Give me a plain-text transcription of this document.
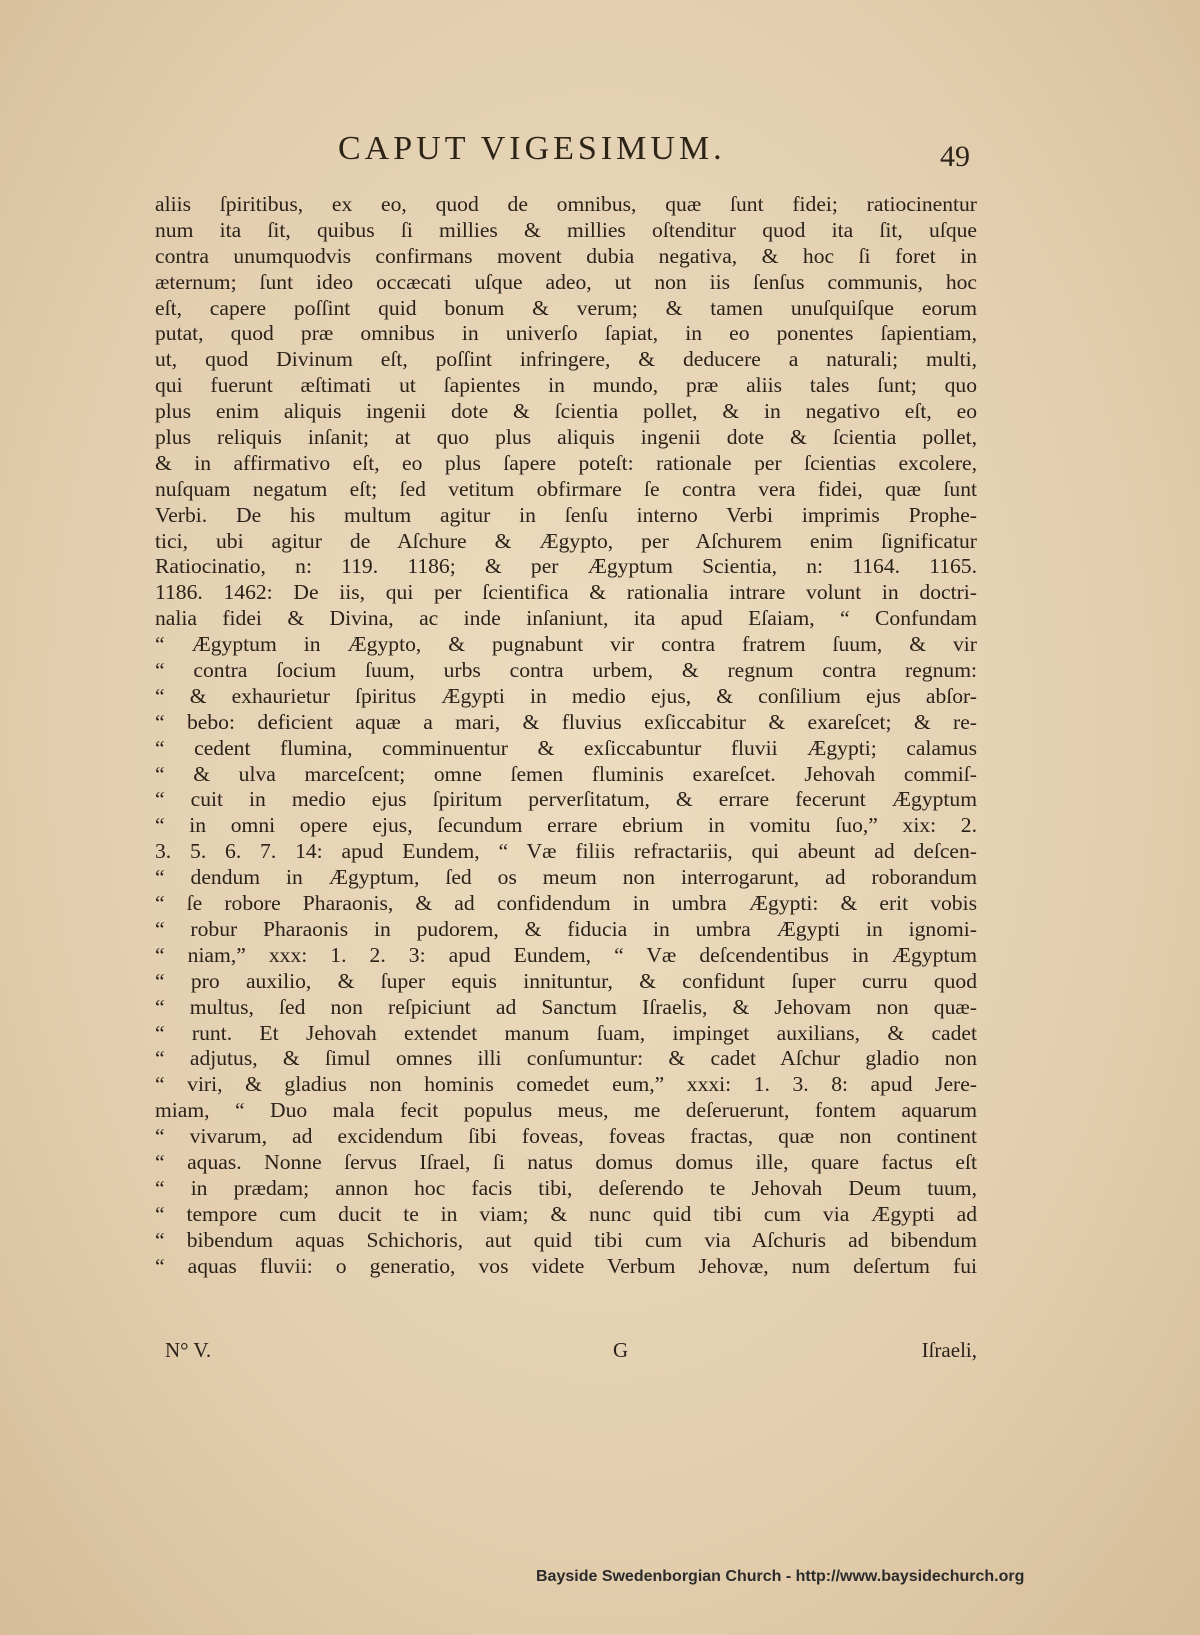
CAPUT VIGESIMUM.	49
aliis ſpiritibus, ex eo, quod de omnibus, quæ ſunt fidei; ratiocinentur
num ita ſit, quibus ſi millies & millies oſtenditur quod ita ſit, uſque
contra unumquodvis confirmans movent dubia negativa, & hoc ſi foret in
æternum; ſunt ideo occæcati uſque adeo, ut non iis ſenſus communis, hoc
eſt, capere poſſint quid bonum & verum; & tamen unuſquiſque eorum
putat, quod præ omnibus in univerſo ſapiat, in eo ponentes ſapientiam,
ut, quod Divinum eſt, poſſint infringere, & deducere a naturali; multi,
qui fuerunt æſtimati ut ſapientes in mundo, præ aliis tales ſunt; quo
plus enim aliquis ingenii dote & ſcientia pollet, & in negativo eſt, eo
plus reliquis inſanit; at quo plus aliquis ingenii dote & ſcientia pollet,
& in affirmativo eſt, eo plus ſapere poteſt: rationale per ſcientias excolere,
nuſquam negatum eſt; ſed vetitum obfirmare ſe contra vera fidei, quæ ſunt
Verbi. De his multum agitur in ſenſu interno Verbi imprimis Prophe-
tici, ubi agitur de Aſchure & Ægypto, per Aſchurem enim ſignificatur
Ratiocinatio, n: 119. 1186; & per Ægyptum Scientia, n: 1164. 1165.
1186. 1462: De iis, qui per ſcientifica & rationalia intrare volunt in doctri-
nalia fidei & Divina, ac inde inſaniunt, ita apud Eſaiam, “ Confundam
“ Ægyptum in Ægypto, & pugnabunt vir contra fratrem ſuum, & vir
“ contra ſocium ſuum, urbs contra urbem, & regnum contra regnum:
“ & exhaurietur ſpiritus Ægypti in medio ejus, & conſilium ejus abſor-
“ bebo: deficient aquæ a mari, & fluvius exſiccabitur & exareſcet; & re-
“ cedent flumina, comminuentur & exſiccabuntur fluvii Ægypti; calamus
“ & ulva marceſcent; omne ſemen fluminis exareſcet. Jehovah commiſ-
“ cuit in medio ejus ſpiritum perverſitatum, & errare fecerunt Ægyptum
“ in omni opere ejus, ſecundum errare ebrium in vomitu ſuo,” xix: 2.
3. 5. 6. 7. 14: apud Eundem, “ Væ filiis refractariis, qui abeunt ad deſcen-
“ dendum in Ægyptum, ſed os meum non interrogarunt, ad roborandum
“ ſe robore Pharaonis, & ad confidendum in umbra Ægypti: & erit vobis
“ robur Pharaonis in pudorem, & fiducia in umbra Ægypti in ignomi-
“ niam,” xxx: 1. 2. 3: apud Eundem, “ Væ deſcendentibus in Ægyptum
“ pro auxilio, & ſuper equis innituntur, & confidunt ſuper curru quod
“ multus, ſed non reſpiciunt ad Sanctum Iſraelis, & Jehovam non quæ-
“ runt. Et Jehovah extendet manum ſuam, impinget auxilians, & cadet
“ adjutus, & ſimul omnes illi conſumuntur: & cadet Aſchur gladio non
“ viri, & gladius non hominis comedet eum,” xxxi: 1. 3. 8: apud Jere-
miam, “ Duo mala fecit populus meus, me deſeruerunt, fontem aquarum
“ vivarum, ad excidendum ſibi foveas, foveas fractas, quæ non continent
“ aquas. Nonne ſervus Iſrael, ſi natus domus domus ille, quare factus eſt
“ in prædam; annon hoc facis tibi, deſerendo te Jehovah Deum tuum,
“ tempore cum ducit te in viam; & nunc quid tibi cum via Ægypti ad
“ bibendum aquas Schichoris, aut quid tibi cum via Aſchuris ad bibendum
“ aquas fluvii: o generatio, vos videte Verbum Jehovæ, num deſertum fui
N° V.	G	Iſraeli,
Bayside Swedenborgian Church - http://www.baysidechurch.org
